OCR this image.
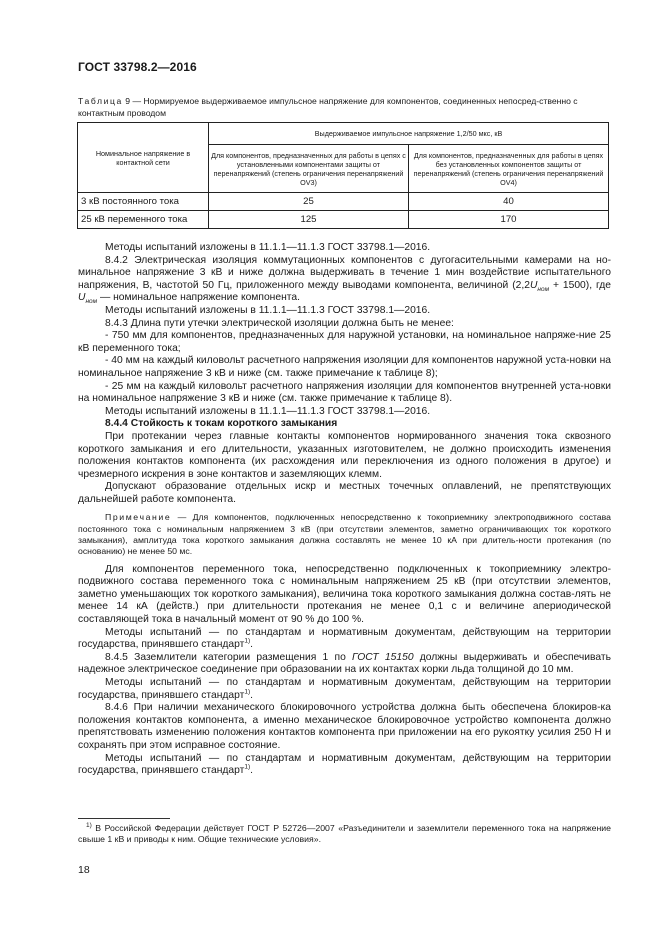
ГОСТ 33798.2—2016
Таблица 9 — Нормируемое выдерживаемое импульсное напряжение для компонентов, соединенных непосред-ственно с контактным проводом
Номинальное напряжение в контактной сети	Выдерживаемое импульсное напряжение 1,2/50 мкс, кВ	
	Для компонентов, предназначенных для работы в цепях с установленными компонентами защиты от перенапряжений (степень ограничения перенапряжений OV3)	Для компонентов, предназначенных для работы в цепях без установленных компонентов защиты от перенапряжений (степень ограничения перенапряжений OV4)
3 кВ постоянного тока	25	40
25 кВ переменного тока	125	170

Методы испытаний изложены в 11.1.1—11.1.3 ГОСТ 33798.1—2016.

8.4.2 Электрическая изоляция коммутационных компонентов с дугогасительными камерами на но-минальное напряжение 3 кВ и ниже должна выдерживать в течение 1 мин воздействие испытательного напряжения, В, частотой 50 Гц, приложенного между выводами компонента, величиной $(2,2U_{ном} + 1500)$, где $U_{ном}$ — номинальное напряжение компонента.

Методы испытаний изложены в 11.1.1—11.1.3 ГОСТ 33798.1—2016.

8.4.3 Длина пути утечки электрической изоляции должна быть не менее:

- 750 мм для компонентов, предназначенных для наружной установки, на номинальное напряже-ние 25 кВ переменного тока;

- 40 мм на каждый киловольт расчетного напряжения изоляции для компонентов наружной уста-новки на номинальное напряжение 3 кВ и ниже (см. также примечание к таблице 8);

- 25 мм на каждый киловольт расчетного напряжения изоляции для компонентов внутренней уста-новки на номинальное напряжение 3 кВ и ниже (см. также примечание к таблице 8).

Методы испытаний изложены в 11.1.1—11.1.3 ГОСТ 33798.1—2016.

8.4.4 Стойкость к токам короткого замыкания

При протекании через главные контакты компонентов нормированного значения тока сквозного короткого замыкания и его длительности, указанных изготовителем, не должно происходить изменения положения контактов компонента (их расхождения или переключения из одного положения в другое) и чрезмерного искрения в зоне контактов и заземляющих клемм.

Допускают образование отдельных искр и местных точечных оплавлений, не препятствующих дальнейшей работе компонента.

Примечание — Для компонентов, подключенных непосредственно к токоприемнику электроподвижного состава постоянного тока с номинальным напряжением 3 кВ (при отсутствии элементов, заметно ограничивающих ток короткого замыкания), амплитуда тока короткого замыкания должна составлять не менее 10 кА при длитель-ности протекания (по основанию) не менее 50 мс.

Для компонентов переменного тока, непосредственно подключенных к токоприемнику электро-подвижного состава переменного тока с номинальным напряжением 25 кВ (при отсутствии элементов, заметно уменьшающих ток короткого замыкания), величина тока короткого замыкания должна состав-лять не менее 14 кА (действ.) при длительности протекания не менее 0,1 с и величине апериодической составляющей тока в начальный момент от 90 % до 100 %.

Методы испытаний — по стандартам и нормативным документам, действующим на территории государства, принявшего стандарт$^{1)}$.

8.4.5 Заземлители категории размещения 1 по ГОСТ 15150 должны выдерживать и обеспечивать надежное электрическое соединение при образовании на их контактах корки льда толщиной до 10 мм.

Методы испытаний — по стандартам и нормативным документам, действующим на территории государства, принявшего стандарт$^{1)}$.

8.4.6 При наличии механического блокировочного устройства должна быть обеспечена блокиров-ка положения контактов компонента, а именно механическое блокировочное устройство компонента должно препятствовать изменению положения контактов компонента при приложении на его рукоятку усилия 250 Н и сохранять при этом исправное состояние.

Методы испытаний — по стандартам и нормативным документам, действующим на территории государства, принявшего стандарт$^{1)}$.

$^{1)}$ В Российской Федерации действует ГОСТ Р 52726—2007 «Разъединители и заземлители переменного тока на напряжение свыше 1 кВ и приводы к ним. Общие технические условия».

18
